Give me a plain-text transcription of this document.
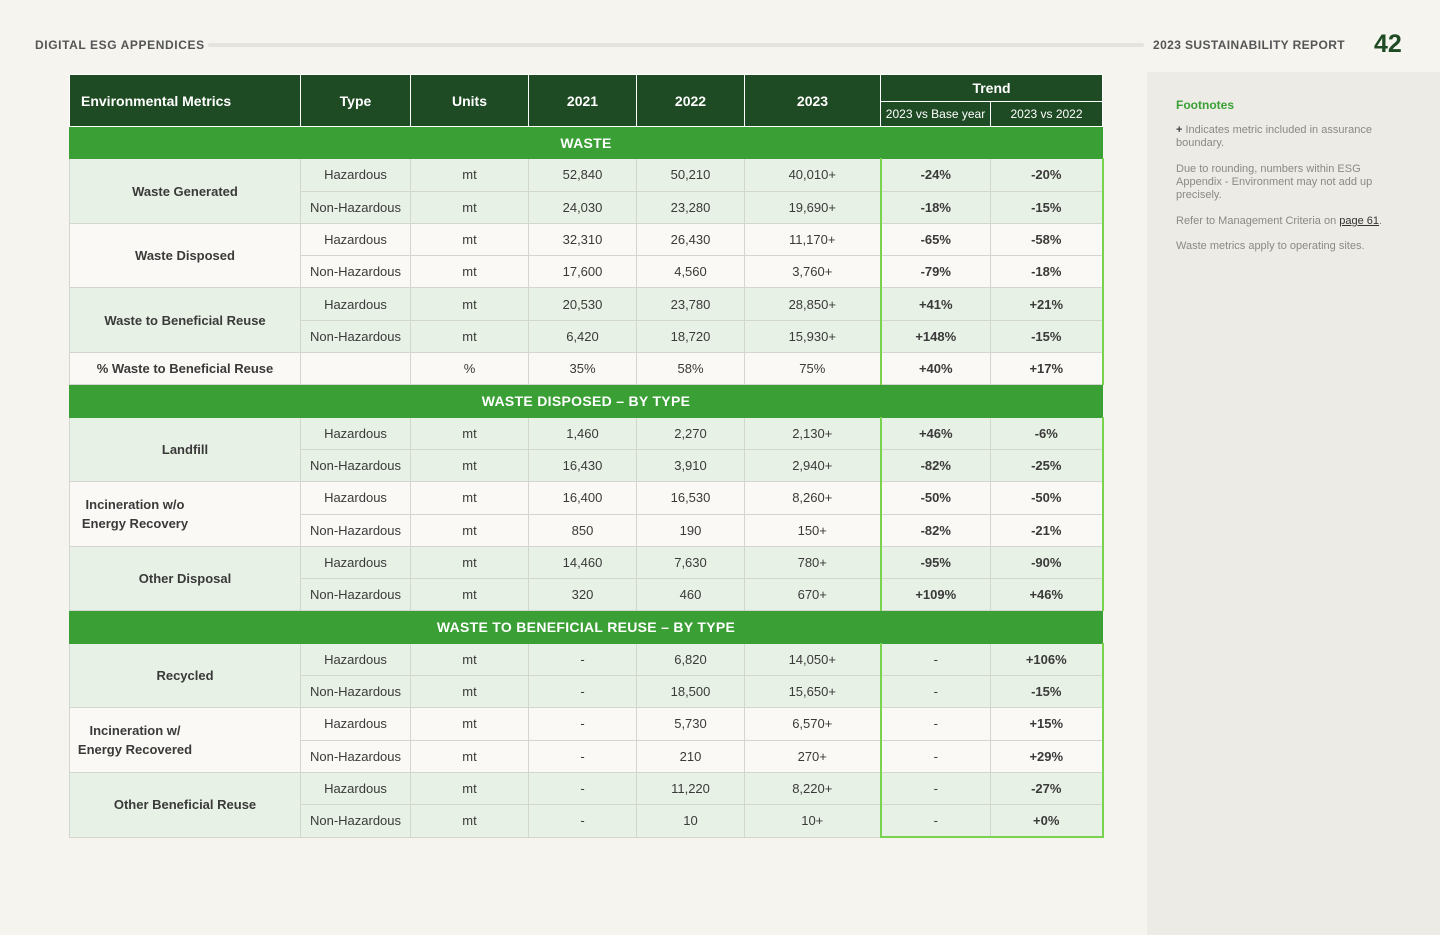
DIGITAL ESG APPENDICES	2023 SUSTAINABILITY REPORT 42
Environmental Metrics	Type	Units	2021	2022	2023	Trend	
						2023 vs Base year	2023 vs 2022
WASTE							
Waste Generated	Hazardous	mt	52,840	50,210	40,010+	-24%	-20%
	Non-Hazardous	mt	24,030	23,280	19,690+	-18%	-15%
Waste Disposed	Hazardous	mt	32,310	26,430	11,170+	-65%	-58%
	Non-Hazardous	mt	17,600	4,560	3,760+	-79%	-18%
Waste to Beneficial Reuse	Hazardous	mt	20,530	23,780	28,850+	+41%	+21%
	Non-Hazardous	mt	6,420	18,720	15,930+	+148%	-15%
% Waste to Beneficial Reuse		%	35%	58%	75%	+40%	+17%
WASTE DISPOSED – BY TYPE							
Landfill	Hazardous	mt	1,460	2,270	2,130+	+46%	-6%
	Non-Hazardous	mt	16,430	3,910	2,940+	-82%	-25%
Incineration w/o Energy Recovery	Hazardous	mt	16,400	16,530	8,260+	-50%	-50%
	Non-Hazardous	mt	850	190	150+	-82%	-21%
Other Disposal	Hazardous	mt	14,460	7,630	780+	-95%	-90%
	Non-Hazardous	mt	320	460	670+	+109%	+46%
WASTE TO BENEFICIAL REUSE – BY TYPE							
Recycled	Hazardous	mt	-	6,820	14,050+	-	+106%
	Non-Hazardous	mt	-	18,500	15,650+	-	-15%
Incineration w/ Energy Recovered	Hazardous	mt	-	5,730	6,570+	-	+15%
	Non-Hazardous	mt	-	210	270+	-	+29%
Other Beneficial Reuse	Hazardous	mt	-	11,220	8,220+	-	-27%
	Non-Hazardous	mt	-	10	10+	-	+0%
Footnotes
+ Indicates metric included in assurance boundary.
Due to rounding, numbers within ESG Appendix - Environment may not add up precisely.
Refer to Management Criteria on page 61.
Waste metrics apply to operating sites.
